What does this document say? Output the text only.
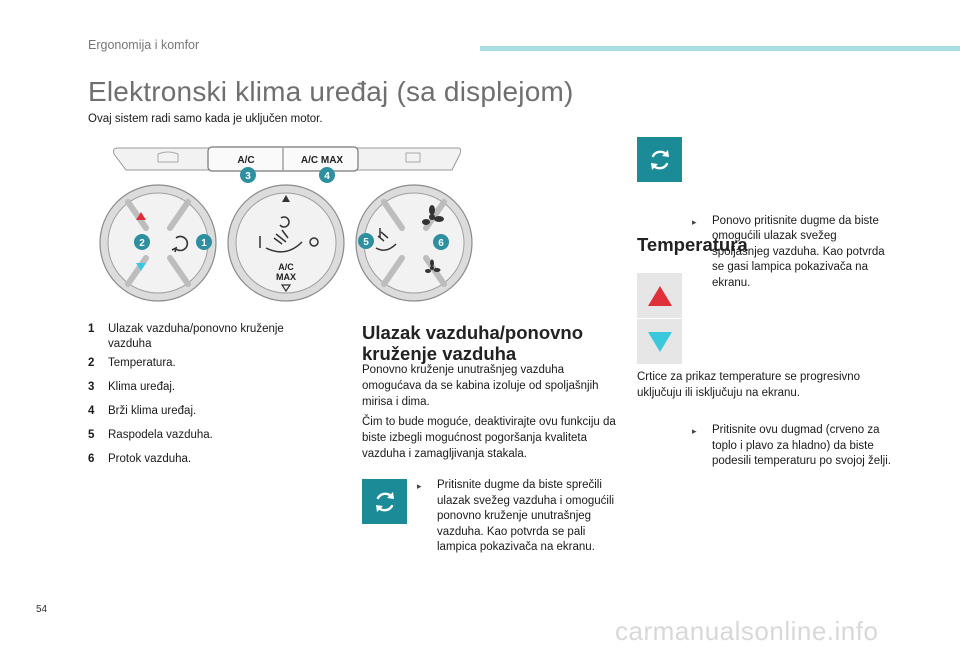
Ergonomija i komfor
Elektronski klima uređaj (sa displejom)
Ovaj sistem radi samo kada je uključen motor.
A/C	A/C MAX
A/C
MAX
1
2
3	4
5	6
1 Ulazak vazduha/ponovno kruženje vazduha
2 Temperatura.
3 Klima uređaj.
4 Brži klima uređaj.
5 Raspodela vazduha.
6 Protok vazduha.
Ulazak vazduha/ponovno kruženje vazduha

Ponovno kruženje unutrašnjeg vazduha omogućava da se kabina izoluje od spoljašnjih mirisa i dima.

Čim to bude moguće, deaktivirajte ovu funkciju da biste izbegli mogućnost pogoršanja kvaliteta vazduha i zamagljivanja stakala.

▸ Pritisnite dugme da biste sprečili ulazak svežeg vazduha i omogućili ponovno kruženje unutrašnjeg vazduha. Kao potvrda se pali lampica pokazivača na ekranu.
▸ Ponovo pritisnite dugme da biste omogućili ulazak svežeg spoljašnjeg vazduha. Kao potvrda se gasi lampica pokazivača na ekranu.
Temperatura
▸ Pritisnite ovu dugmad (crveno za toplo i plavo za hladno) da biste podesili temperaturu po svojoj želji.

Crtice za prikaz temperature se progresivno uključuju ili isključuju na ekranu.

54
carmanualsonline.info
